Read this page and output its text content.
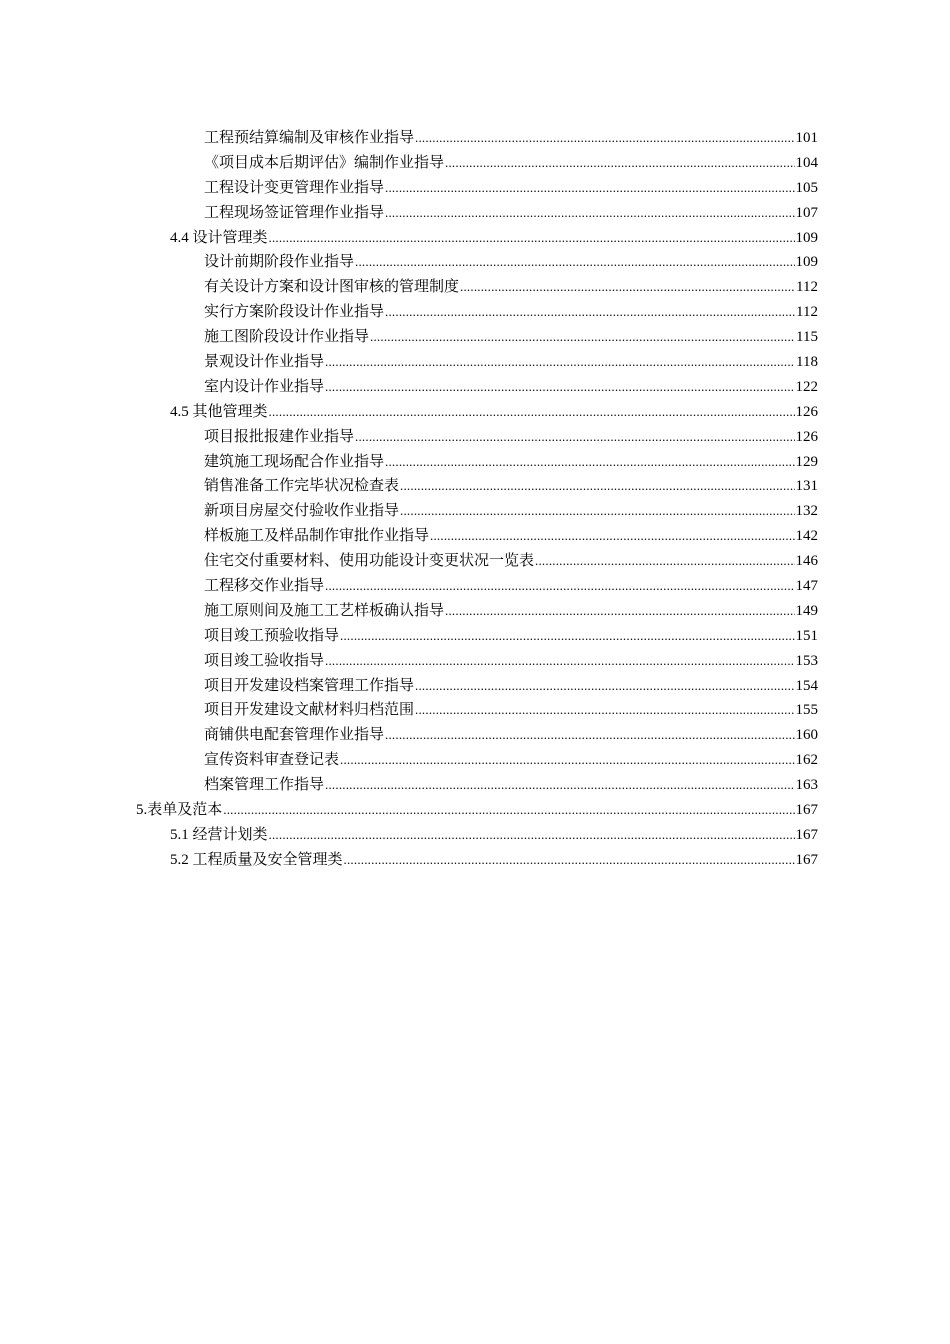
工程预结算编制及审核作业指导 .....	101
《项目成本后期评估》编制作业指导 .....	104
工程设计变更管理作业指导 .....	105
工程现场签证管理作业指导 .....	107
4.4 设计管理类 .....	109
设计前期阶段作业指导 .....	109
有关设计方案和设计图审核的管理制度 .....	112
实行方案阶段设计作业指导 .....	112
施工图阶段设计作业指导 .....	115
景观设计作业指导 .....	118
室内设计作业指导 .....	122
4.5 其他管理类 .....	126
项目报批报建作业指导 .....	126
建筑施工现场配合作业指导 .....	129
销售准备工作完毕状况检查表 .....	131
新项目房屋交付验收作业指导 .....	132
样板施工及样品制作审批作业指导 .....	142
住宅交付重要材料、使用功能设计变更状况一览表 .....	146
工程移交作业指导 .....	147
施工原则间及施工工艺样板确认指导 .....	149
项目竣工预验收指导 .....	151
项目竣工验收指导 .....	153
项目开发建设档案管理工作指导 .....	154
项目开发建设文献材料归档范围 .....	155
商铺供电配套管理作业指导 .....	160
宣传资料审查登记表 .....	162
档案管理工作指导 .....	163
5.表单及范本 .....	167
5.1 经营计划类 .....	167
5.2 工程质量及安全管理类 .....	167
